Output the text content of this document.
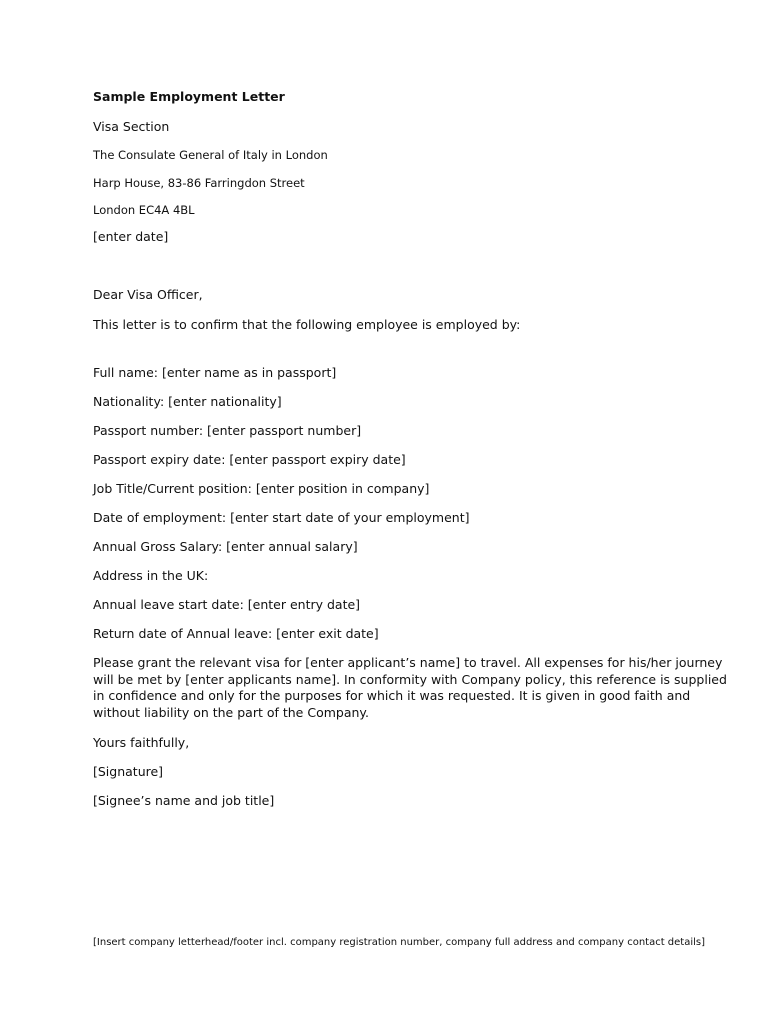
Sample Employment Letter

Visa Section

The Consulate General of Italy in London

Harp House, 83-86 Farringdon Street

London EC4A 4BL

[enter date]

Dear Visa Officer,

This letter is to confirm that the following employee is employed by:

Full name: [enter name as in passport]

Nationality: [enter nationality]

Passport number: [enter passport number]

Passport expiry date: [enter passport expiry date]

Job Title/Current position: [enter position in company]

Date of employment: [enter start date of your employment]

Annual Gross Salary: [enter annual salary]

Address in the UK:

Annual leave start date: [enter entry date]

Return date of Annual leave: [enter exit date]

Please grant the relevant visa for [enter applicant’s name] to travel. All expenses for his/her journey
will be met by [enter applicants name]. In conformity with Company policy, this reference is supplied
in confidence and only for the purposes for which it was requested. It is given in good faith and
without liability on the part of the Company.

Yours faithfully,

[Signature]

[Signee’s name and job title]

[Insert company letterhead/footer incl. company registration number, company full address and company contact details]
